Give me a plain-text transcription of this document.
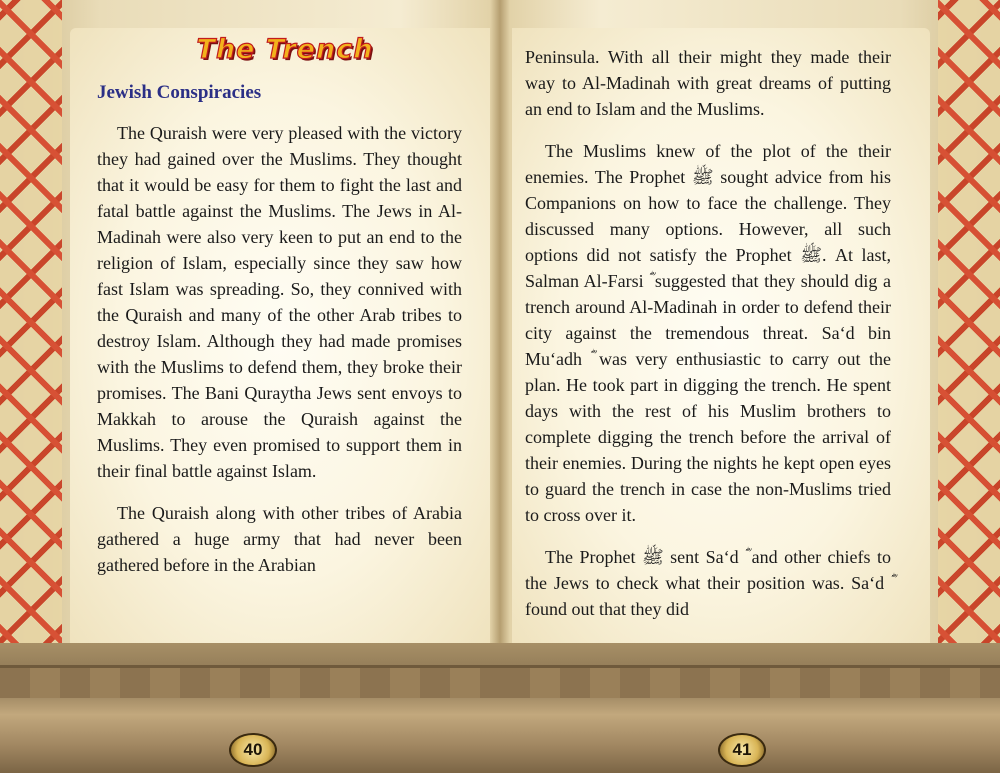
The Trench
Jewish Conspiracies

The Quraish were very pleased with the victory they had gained over the Muslims. They thought that it would be easy for them to fight the last and fatal battle against the Muslims. The Jews in Al-Madinah were also very keen to put an end to the religion of Islam, especially since they saw how fast Islam was spreading. So, they connived with the Quraish and many of the other Arab tribes to destroy Islam. Although they had made promises with the Muslims to defend them, they broke their promises. The Bani Quraytha Jews sent envoys to Makkah to arouse the Quraish against the Muslims. They even promised to support them in their final battle against Islam.

The Quraish along with other tribes of Arabia gathered a huge army that had never been gathered before in the Arabian

40

Peninsula. With all their might they made their way to Al-Madinah with great dreams of putting an end to Islam and the Muslims.

The Muslims knew of the plot of the their enemies. The Prophet ﷺ sought advice from his Companions on how to face the challenge. They discussed many options. However, all such options did not satisfy the Prophet ﷺ. At last, Salman Al-Farsi ؓ suggested that they should dig a trench around Al-Madinah in order to defend their city against the tremendous threat. Sa‘d bin Mu‘adh ؓ was very enthusiastic to carry out the plan. He took part in digging the trench. He spent days with the rest of his Muslim brothers to complete digging the trench before the arrival of their enemies. During the nights he kept open eyes to guard the trench in case the non-Muslims tried to cross over it.

The Prophet ﷺ sent Sa‘d ؓ and other chiefs to the Jews to check what their position was. Sa‘d ؓ found out that they did

41
